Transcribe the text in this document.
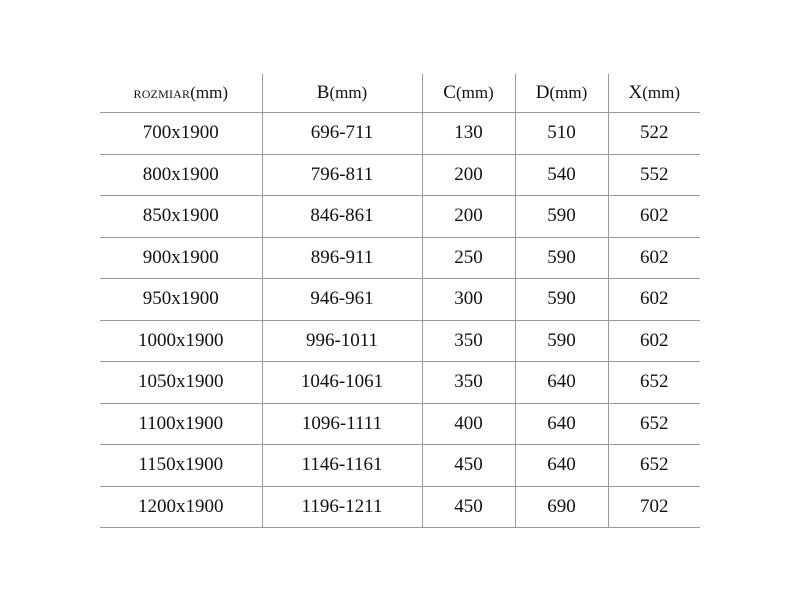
ROZMIAR(mm)	B(mm)	C(mm)	D(mm)	X(mm)
700x1900	696-711	130	510	522
800x1900	796-811	200	540	552
850x1900	846-861	200	590	602
900x1900	896-911	250	590	602
950x1900	946-961	300	590	602
1000x1900	996-1011	350	590	602
1050x1900	1046-1061	350	640	652
1100x1900	1096-1111	400	640	652
1150x1900	1146-1161	450	640	652
1200x1900	1196-1211	450	690	702
